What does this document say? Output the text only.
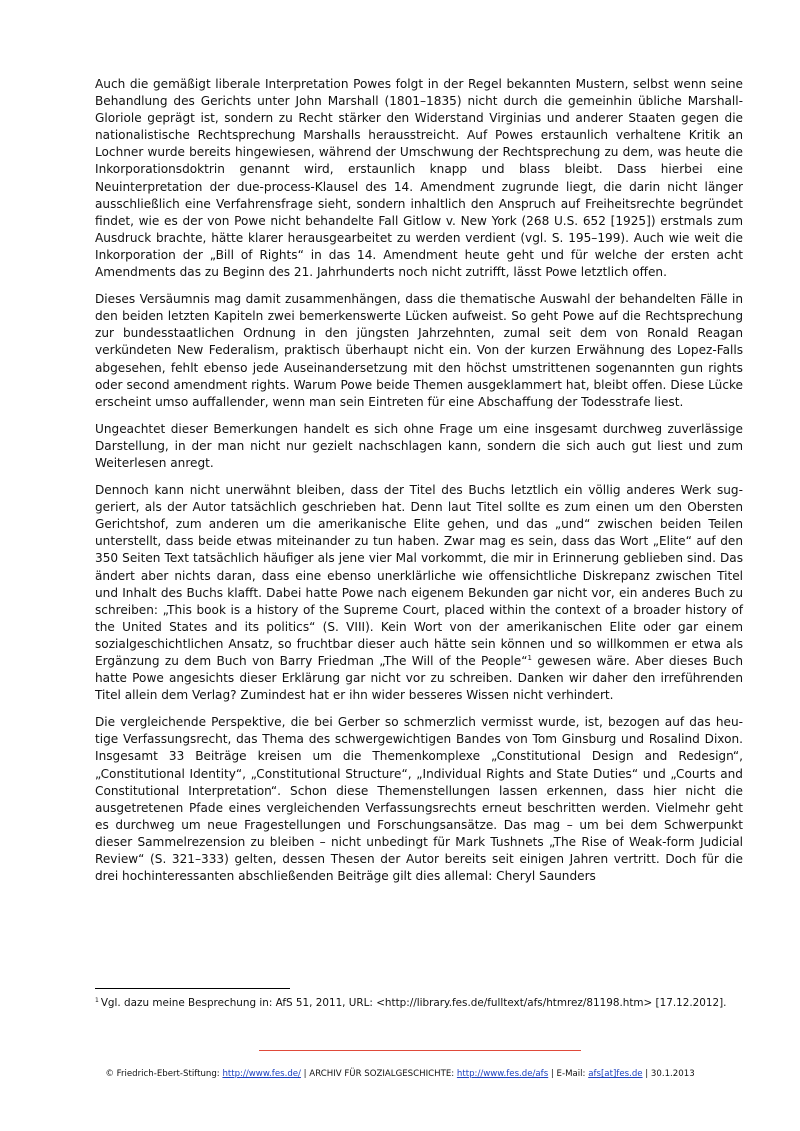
Auch die gemäßigt liberale Interpretation Powes folgt in der Regel bekannten Mustern, selbst wenn seine Behandlung des Gerichts unter John Marshall (1801–1835) nicht durch die gemeinhin übliche Marshall-Gloriole geprägt ist, sondern zu Recht stärker den Widerstand Virginias und anderer Staaten gegen die nationalistische Rechtsprechung Marshalls herausstreicht. Auf Powes erstaunlich verhaltene Kritik an Lochner wurde bereits hingewiesen, während der Umschwung der Rechtsprechung zu dem, was heute die Inkorporationsdoktrin genannt wird, erstaunlich knapp und blass bleibt. Dass hierbei eine Neuinterpretation der due-process-Klausel des 14. Amendment zugrunde liegt, die darin nicht länger ausschließlich eine Verfahrensfrage sieht, sondern inhaltlich den Anspruch auf Freiheitsrechte begründet findet, wie es der von Powe nicht behandelte Fall Gitlow v. New York (268 U.S. 652 [1925]) erstmals zum Ausdruck brachte, hätte klarer herausgearbeitet zu werden verdient (vgl. S. 195–199). Auch wie weit die Inkorporation der „Bill of Rights“ in das 14. Amendment heute geht und für welche der ersten acht Amendments das zu Beginn des 21. Jahrhunderts noch nicht zutrifft, lässt Powe letztlich offen.

Dieses Versäumnis mag damit zusammenhängen, dass die thematische Auswahl der behandelten Fälle in den beiden letzten Kapiteln zwei bemerkenswerte Lücken aufweist. So geht Powe auf die Rechtsprechung zur bundesstaatlichen Ordnung in den jüngsten Jahrzehnten, zumal seit dem von Ronald Reagan verkündeten New Federalism, praktisch überhaupt nicht ein. Von der kurzen Erwähnung des Lopez-Falls abgesehen, fehlt ebenso jede Auseinandersetzung mit den höchst umstrittenen sogenannten gun rights oder second amendment rights. Warum Powe beide Themen ausgeklammert hat, bleibt offen. Diese Lücke erscheint umso auffallender, wenn man sein Eintreten für eine Abschaffung der Todesstrafe liest.

Ungeachtet dieser Bemerkungen handelt es sich ohne Frage um eine insgesamt durchweg zuverlässige Darstellung, in der man nicht nur gezielt nachschlagen kann, sondern die sich auch gut liest und zum Weiterlesen anregt.

Dennoch kann nicht unerwähnt bleiben, dass der Titel des Buchs letztlich ein völlig anderes Werk suggeriert, als der Autor tatsächlich geschrieben hat. Denn laut Titel sollte es zum einen um den Obersten Gerichtshof, zum anderen um die amerikanische Elite gehen, und das „und“ zwischen beiden Teilen unterstellt, dass beide etwas miteinander zu tun haben. Zwar mag es sein, dass das Wort „Elite“ auf den 350 Seiten Text tatsächlich häufiger als jene vier Mal vorkommt, die mir in Erinnerung geblieben sind. Das ändert aber nichts daran, dass eine ebenso unerklärliche wie offensichtliche Diskrepanz zwischen Titel und Inhalt des Buchs klafft. Dabei hatte Powe nach eigenem Bekunden gar nicht vor, ein anderes Buch zu schreiben: „This book is a history of the Supreme Court, placed within the context of a broader history of the United States and its politics“ (S. VIII). Kein Wort von der amerikanischen Elite oder gar einem sozialgeschichtlichen Ansatz, so fruchtbar dieser auch hätte sein können und so willkommen er etwa als Ergänzung zu dem Buch von Barry Friedman „The Will of the People“$^1$ gewesen wäre. Aber dieses Buch hatte Powe angesichts dieser Erklärung gar nicht vor zu schreiben. Danken wir daher den irreführenden Titel allein dem Verlag? Zumindest hat er ihn wider besseres Wissen nicht verhindert.

Die vergleichende Perspektive, die bei Gerber so schmerzlich vermisst wurde, ist, bezogen auf das heutige Verfassungsrecht, das Thema des schwergewichtigen Bandes von Tom Ginsburg und Rosalind Dixon. Insgesamt 33 Beiträge kreisen um die Themenkomplexe „Constitutional Design and Redesign“, „Constitutional Identity“, „Constitutional Structure“, „Individual Rights and State Duties“ und „Courts and Constitutional Interpretation“. Schon diese Themenstellungen lassen erkennen, dass hier nicht die ausgetretenen Pfade eines vergleichenden Verfassungsrechts erneut beschritten werden. Vielmehr geht es durchweg um neue Fragestellungen und Forschungsansätze. Das mag – um bei dem Schwerpunkt dieser Sammelrezension zu bleiben – nicht unbedingt für Mark Tushnets „The Rise of Weak-form Judicial Review“ (S. 321–333) gelten, dessen Thesen der Autor bereits seit einigen Jahren vertritt. Doch für die drei hochinteressanten abschließenden Beiträge gilt dies allemal: Cheryl Saunders

$^1$ Vgl. dazu meine Besprechung in: AfS 51, 2011, URL: <http://library.fes.de/fulltext/afs/htmrez/81198.htm> [17.12.2012].
© Friedrich-Ebert-Stiftung: http://www.fes.de/ | ARCHIV FÜR SOZIALGESCHICHTE: http://www.fes.de/afs | E-Mail: afs[at]fes.de | 30.1.2013
